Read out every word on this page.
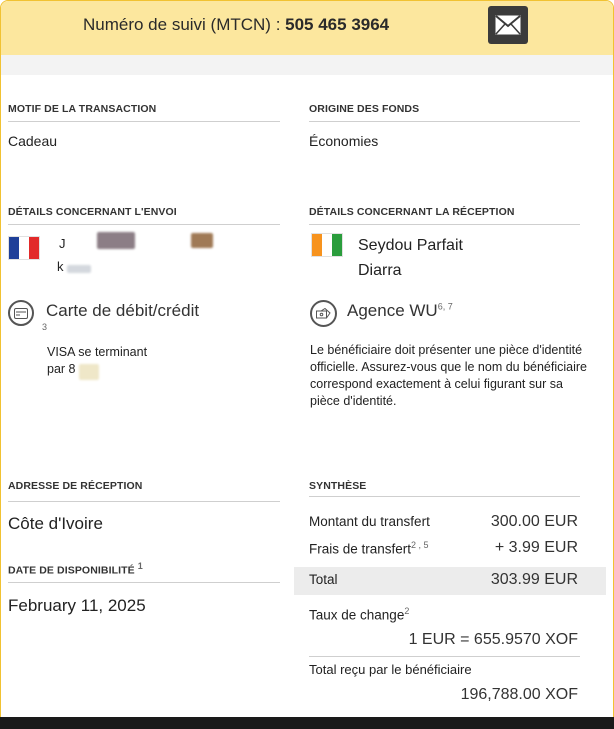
Numéro de suivi (MTCN) : 505 465 3964
MOTIF DE LA TRANSACTION
Cadeau
ORIGINE DES FONDS
Économies
DÉTAILS CONCERNANT L'ENVOI
J
k
Carte de débit/crédit
3
VISA se terminant
par 8
DÉTAILS CONCERNANT LA RÉCEPTION
Seydou Parfait
Diarra
Agence WU$^{6, 7}$
Le bénéficiaire doit présenter une pièce d'identité officielle. Assurez-vous que le nom du bénéficiaire correspond exactement à celui figurant sur sa pièce d'identité.
ADRESSE DE RÉCEPTION
Côte d'Ivoire
DATE DE DISPONIBILITÉ 1
February 11, 2025
SYNTHÈSE
Montant du transfert	300.00 EUR
Frais de transfert$^{2 , 5}$	+ 3.99 EUR
Total	303.99 EUR
Taux de change$^2$
1 EUR = 655.9570 XOF
Total reçu par le bénéficiaire
196,788.00 XOF
